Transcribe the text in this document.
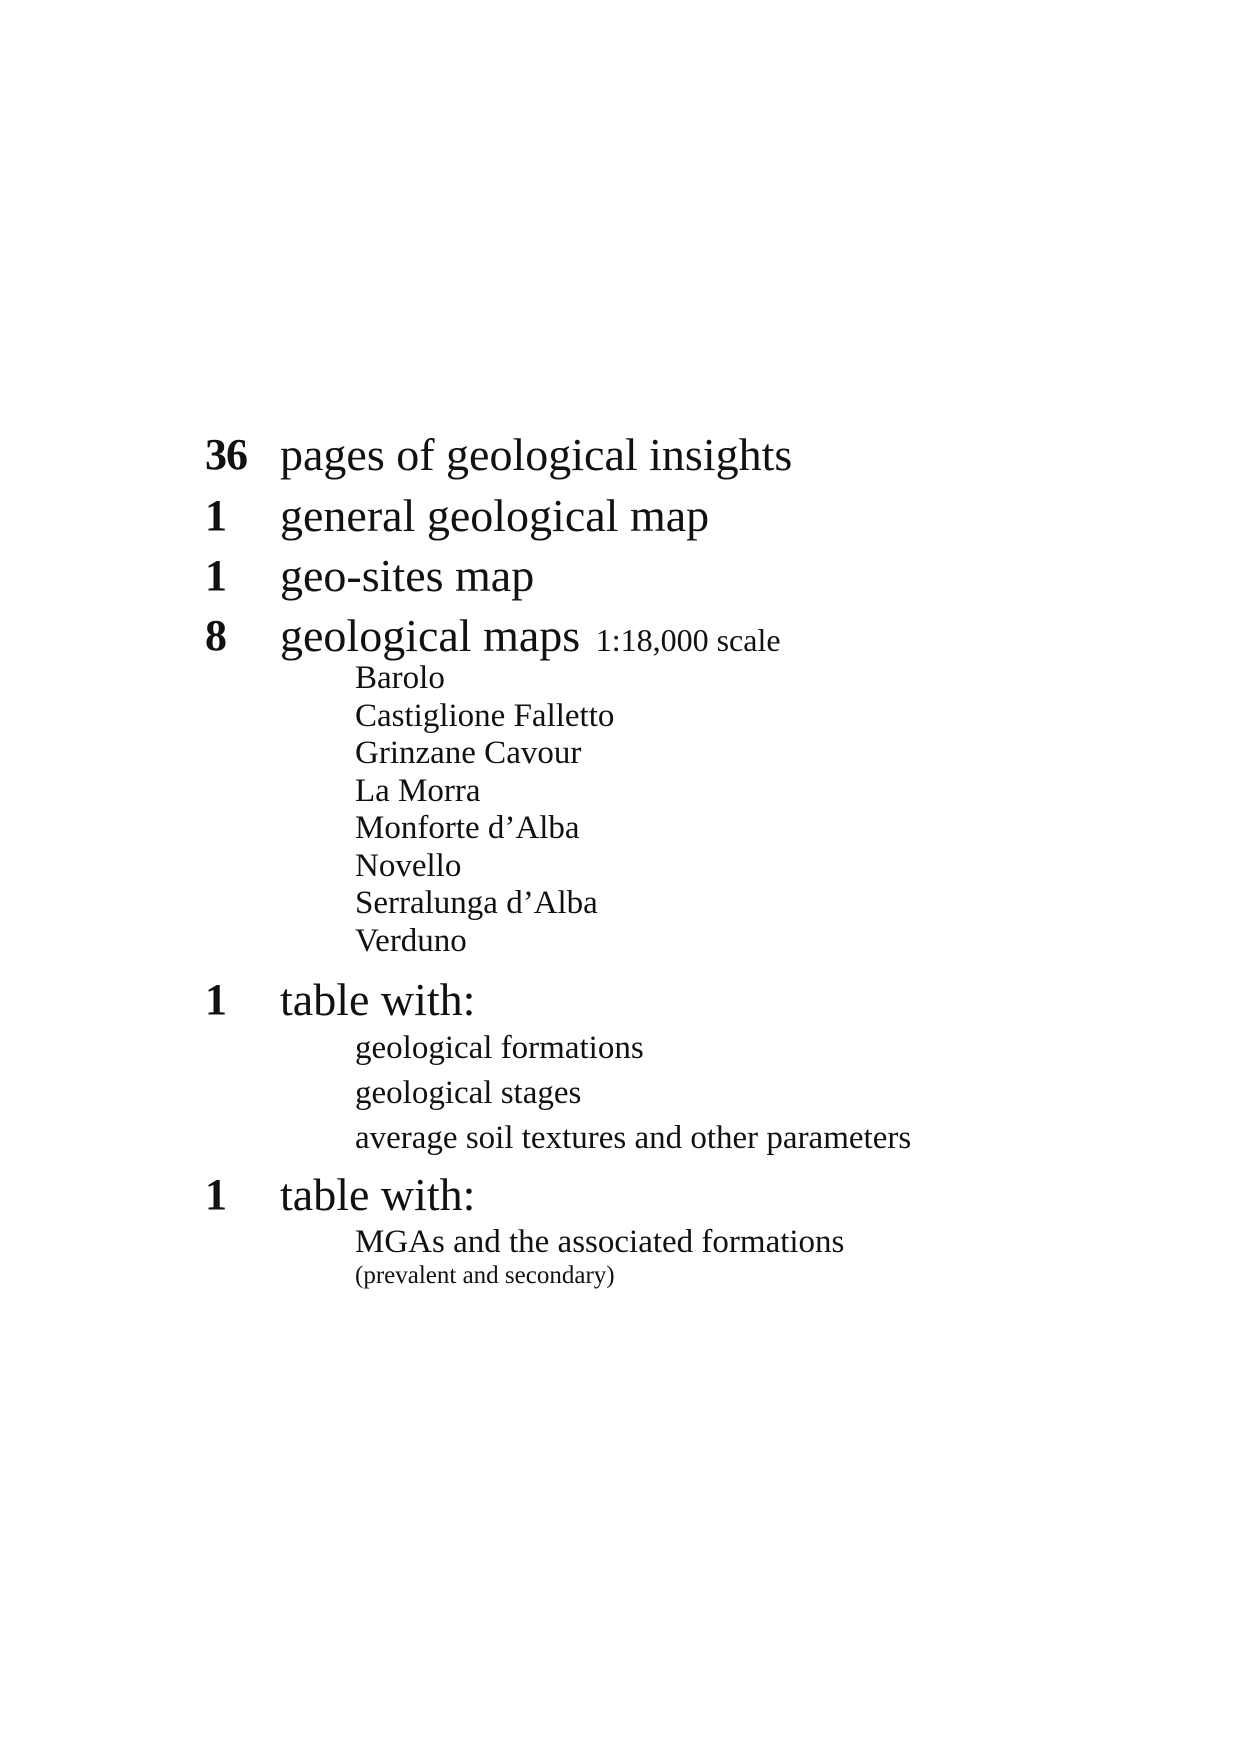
36 pages of geological insights
1	general geological map
1	geo-sites map
8	geological maps 1:18,000 scale
Barolo
Castiglione Falletto
Grinzane Cavour
La Morra
Monforte d’Alba
Novello
Serralunga d’Alba
Verduno
1	table with:
geological formations
geological stages
average soil textures and other parameters
1	table with:
MGAs and the associated formations
(prevalent and secondary)
